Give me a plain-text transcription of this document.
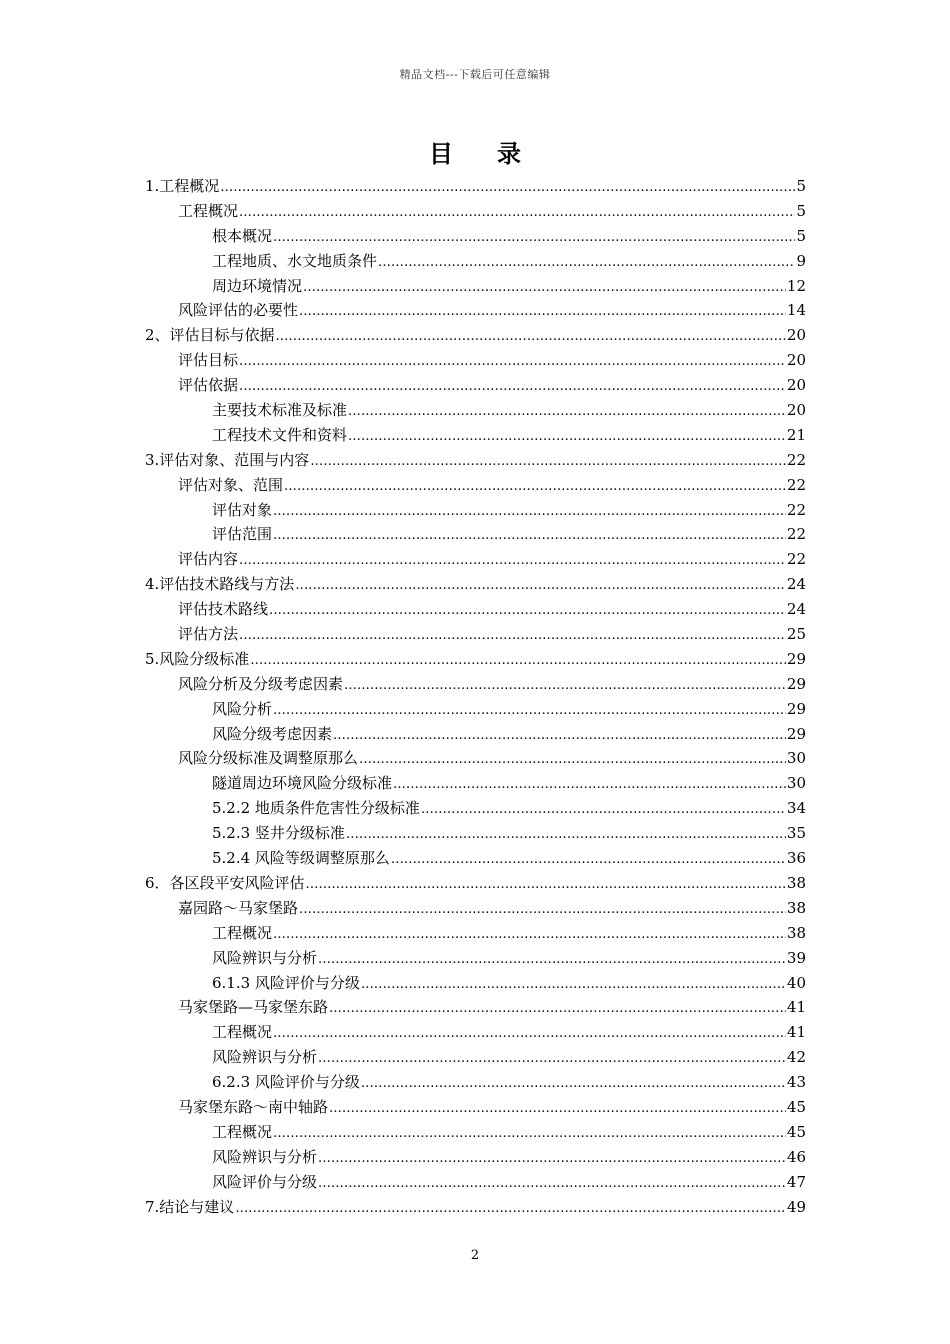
精品文档---下载后可任意编辑
目录
1.工程概况 .....	5
工程概况 .....	5
根本概况 .....	5
工程地质、水文地质条件 .....	9
周边环境情况 .....	12
风险评估的必要性 .....	14
2、评估目标与依据 .....	20
评估目标 .....	20
评估依据 .....	20
主要技术标准及标准 .....	20
工程技术文件和资料 .....	21
3.评估对象、范围与内容 .....	22
评估对象、范围 .....	22
评估对象 .....	22
评估范围 .....	22
评估内容 .....	22
4.评估技术路线与方法 .....	24
评估技术路线 .....	24
评估方法 .....	25
5.风险分级标准 .....	29
风险分析及分级考虑因素 .....	29
风险分析 .....	29
风险分级考虑因素 .....	29
风险分级标准及调整原那么 .....	30
隧道周边环境风险分级标准 .....	30
5.2.2 地质条件危害性分级标准 .....	34
5.2.3 竖井分级标准 .....	35
5.2.4 风险等级调整原那么 .....	36
6．各区段平安风险评估 .....	38
嘉园路～马家堡路 .....	38
工程概况 .....	38
风险辨识与分析 .....	39
6.1.3 风险评价与分级 .....	40
马家堡路—马家堡东路 .....	41
工程概况 .....	41
风险辨识与分析 .....	42
6.2.3 风险评价与分级 .....	43
马家堡东路～南中轴路 .....	45
工程概况 .....	45
风险辨识与分析 .....	46
风险评价与分级 .....	47
7.结论与建议 .....	49
2
